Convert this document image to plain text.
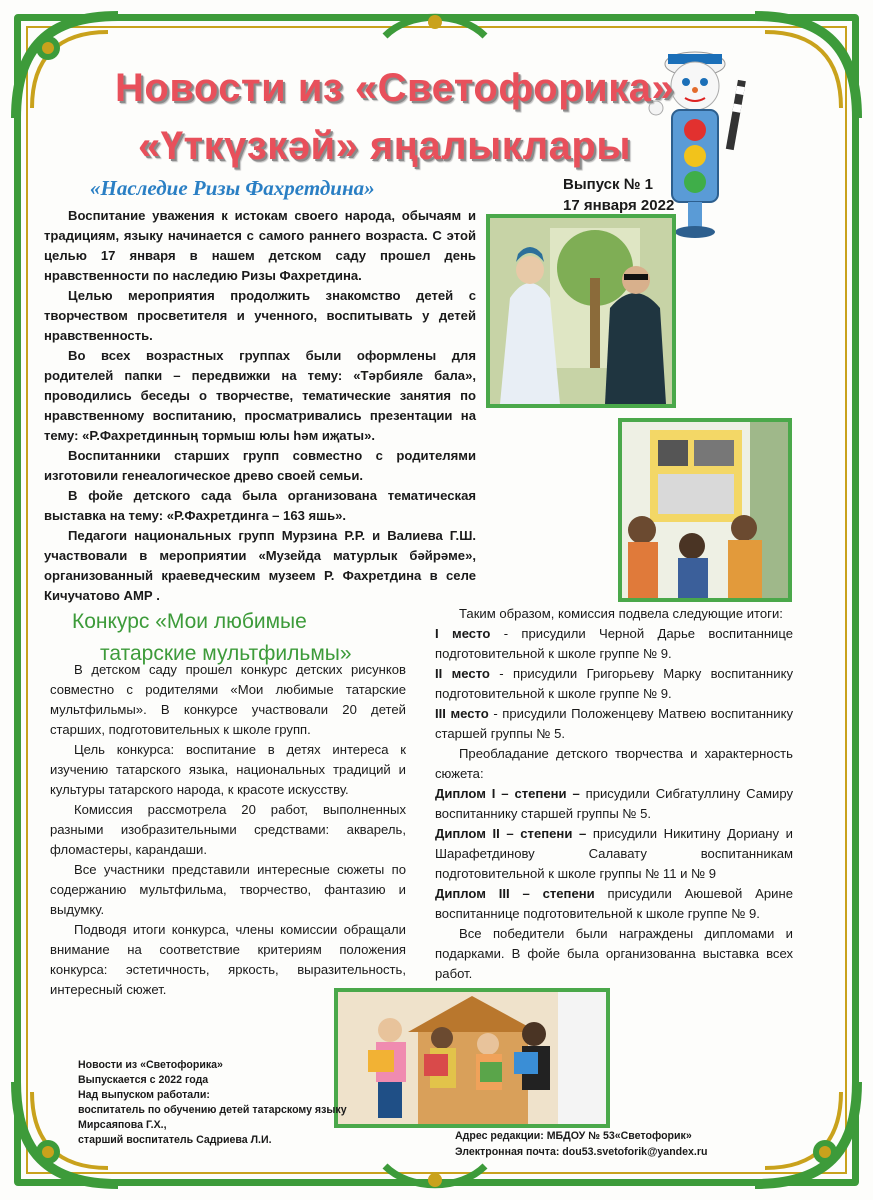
Новости из «Светофорика»
«Үткүзкәй» яңалыклары
Выпуск № 1
17 января 2022
«Наследие Ризы Фахретдина»

Воспитание уважения к истокам своего народа, обычаям и традициям, языку начинается с самого раннего возраста. С этой целью 17 января в нашем детском саду прошел день нравственности по наследию Ризы Фахретдина.

Целью мероприятия продолжить знакомство детей с творчеством просветителя и ученного, воспитывать у детей нравственность.

Во всех возрастных группах были оформлены для родителей папки – передвижки на тему: «Тәрбияле бала», проводились беседы о творчестве, тематические занятия по нравственному воспитанию, просматривались презентации на тему: «Р.Фахретдинның тормыш юлы һәм иҗаты».

Воспитанники старших групп совместно с родителями изготовили генеалогическое древо своей семьи.

В фойе детского сада была организована тематическая выставка на тему: «Р.Фахретдинга – 163 яшь».

Педагоги национальных групп Мурзина Р.Р. и Валиева Г.Ш. участвовали в мероприятии «Музейда матурлык бәйрәме», организованный краеведческим музеем Р. Фахретдина в селе Кичучатово АМР .

Конкурс «Мои любимые
татарские мультфильмы»

В детском саду прошел конкурс детских рисунков совместно с родителями «Мои любимые татарские мультфильмы». В конкурсе участвовали 20 детей старших, подготовительных к школе групп.

Цель конкурса: воспитание в детях интереса к изучению татарского языка, национальных традиций и культуры татарского народа, к красоте искусству.

Комиссия рассмотрела 20 работ, выполненных разными изобразительными средствами: акварель, фломастеры, карандаши.

Все участники представили интересные сюжеты по содержанию мультфильма, творчество, фантазию и выдумку.

Подводя итоги конкурса, члены комиссии обращали внимание на соответствие критериям положения конкурса: эстетичность, яркость, выразительность, интересный сюжет.

Таким образом, комиссия подвела следующие итоги:

I место - присудили Черной Дарье воспитаннице подготовительной к школе группе № 9.
II место - присудили Григорьеву Марку воспитаннику подготовительной к школе группе № 9.
III место - присудили Положенцеву Матвею воспитаннику старшей группы № 5.

Преобладание детского творчества и характерность сюжета:

Диплом I – степени – присудили Сибгатуллину Самиру воспитаннику старшей группы № 5.
Диплом II – степени – присудили Никитину Дориану и Шарафетдинову Салавату воспитанникам подготовительной к школе группы № 11 и № 9
Диплом III – степени присудили Аюшевой Арине воспитаннице подготовительной к школе группе № 9.

Все победители были награждены дипломами и подарками. В фойе была организованна выставка всех работ.

Новости из «Светофорика»
Выпускается с 2022 года
Над выпуском работали:
воспитатель по обучению детей татарскому языку
Мирсаяпова Г.Х.,
старший воспитатель Садриева Л.И.	Адрес редакции: МБДОУ № 53«Светофорик»
Электронная почта: dou53.svetoforik@yandex.ru
